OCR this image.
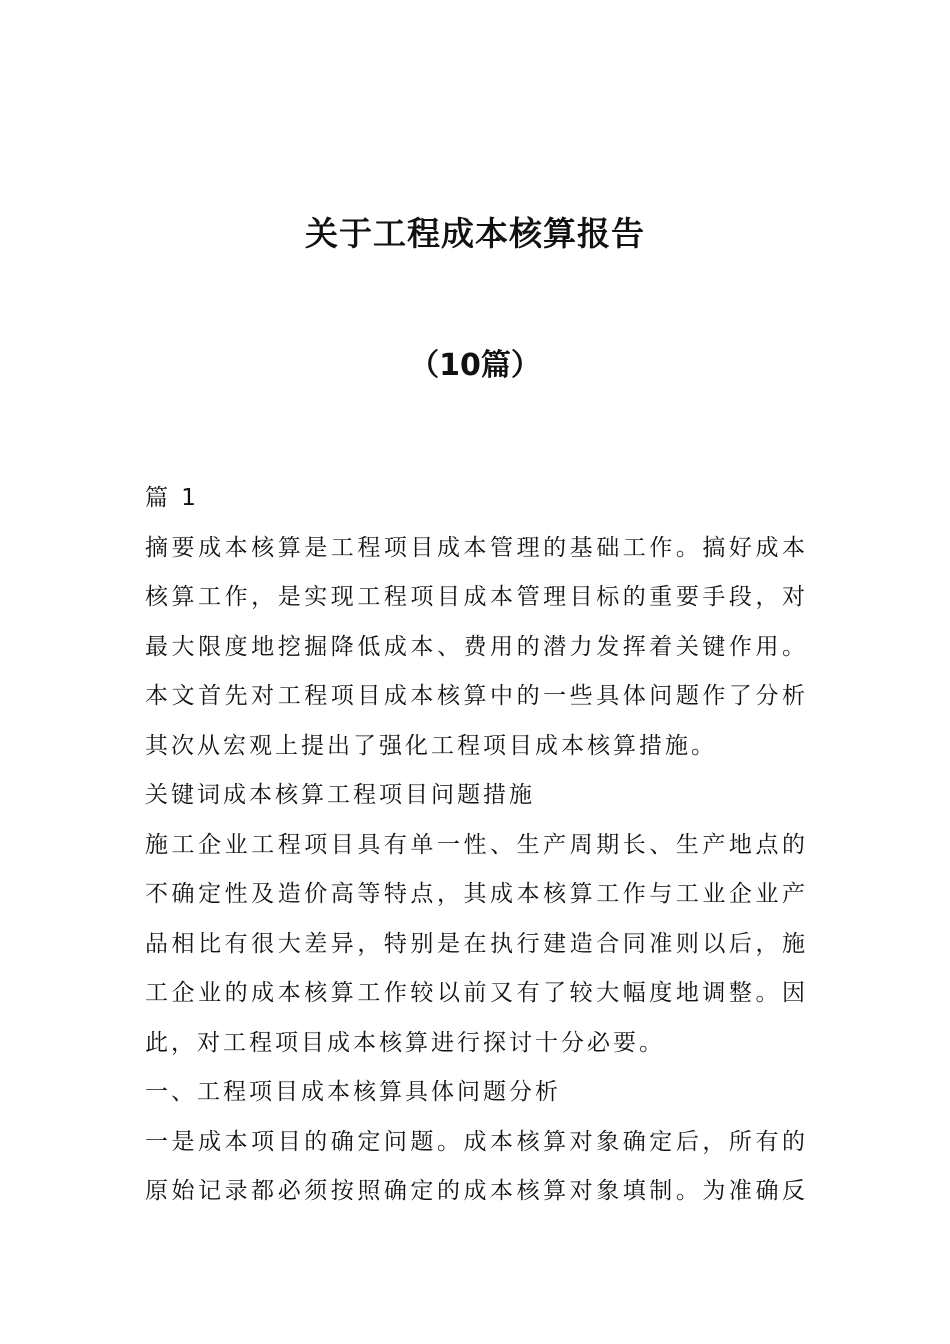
关于工程成本核算报告
（10篇）
篇 1
摘要成本核算是工程项目成本管理的基础工作。搞好成本
核算工作，是实现工程项目成本管理目标的重要手段，对
最大限度地挖掘降低成本、费用的潜力发挥着关键作用。
本文首先对工程项目成本核算中的一些具体问题作了分析
其次从宏观上提出了强化工程项目成本核算措施。
关键词成本核算工程项目问题措施
施工企业工程项目具有单一性、生产周期长、生产地点的
不确定性及造价高等特点，其成本核算工作与工业企业产
品相比有很大差异，特别是在执行建造合同准则以后，施
工企业的成本核算工作较以前又有了较大幅度地调整。因
此，对工程项目成本核算进行探讨十分必要。
一、工程项目成本核算具体问题分析
一是成本项目的确定问题。成本核算对象确定后，所有的
原始记录都必须按照确定的成本核算对象填制。为准确反
